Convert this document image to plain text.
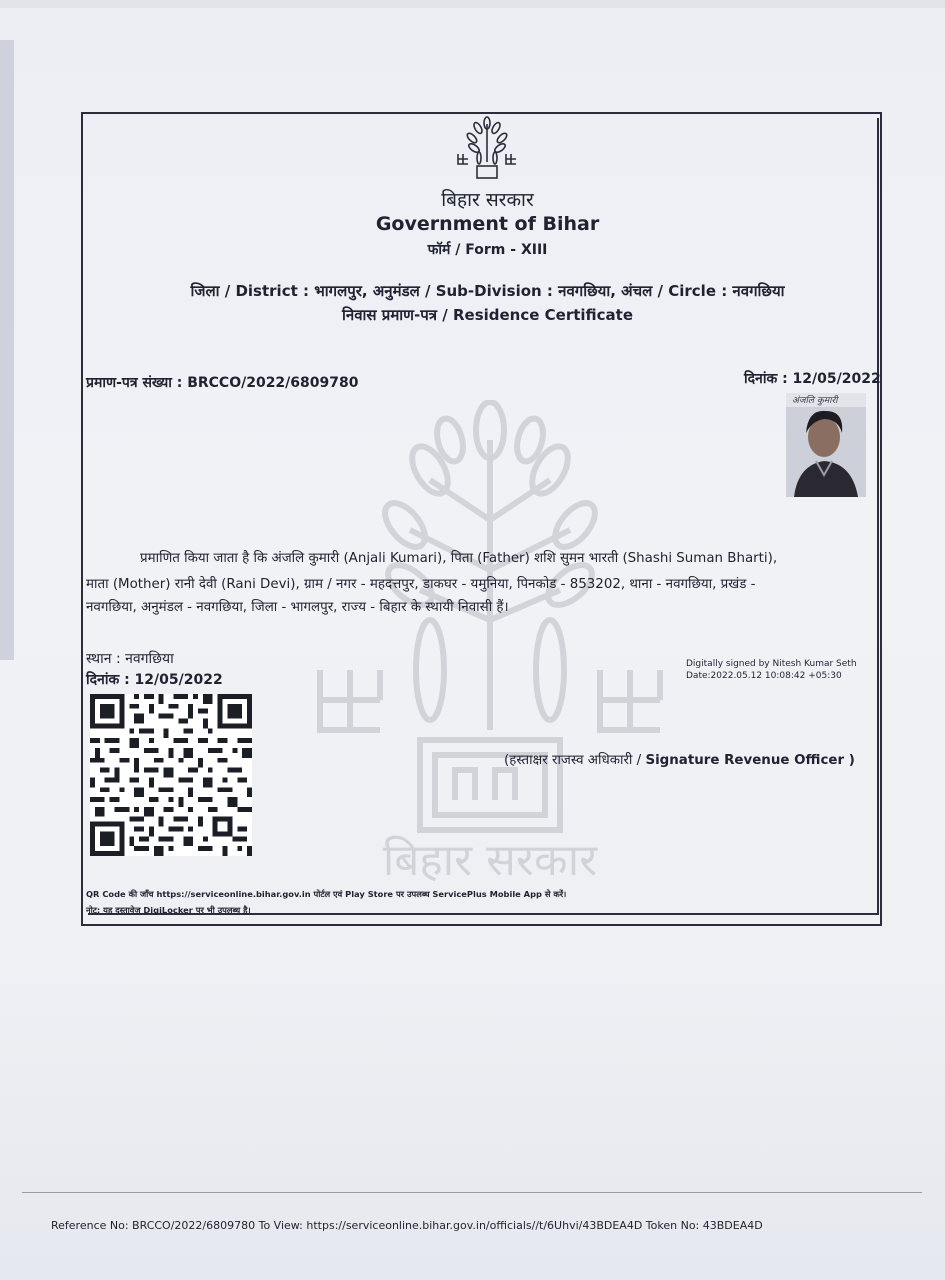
बिहार सरकार
बिहार सरकार
Government of Bihar
फॉर्म / Form - XIII
जिला / District : भागलपुर, अनुमंडल / Sub-Division : नवगछिया, अंचल / Circle : नवगछिया
निवास प्रमाण-पत्र / Residence Certificate
प्रमाण-पत्र संख्या : BRCCO/2022/6809780	दिनांक : 12/05/2022
अंजलि कुमारी
प्रमाणित किया जाता है कि अंजलि कुमारी (Anjali Kumari), पिता (Father) शशि सुमन भारती (Shashi Suman Bharti),
माता (Mother) रानी देवी (Rani Devi), ग्राम / नगर - महदत्तपुर, डाकघर - यमुनिया, पिनकोड - 853202, थाना - नवगछिया, प्रखंड -
नवगछिया, अनुमंडल - नवगछिया, जिला - भागलपुर, राज्य - बिहार के स्थायी निवासी हैं।
स्थान : नवगछिया
दिनांक : 12/05/2022
Digitally signed by Nitesh Kumar Seth
Date:2022.05.12 10:08:42 +05:30
(हस्ताक्षर राजस्व अधिकारी / Signature Revenue Officer )
QR Code की जाँच https://serviceonline.bihar.gov.in पोर्टल एवं Play Store पर उपलब्ध ServicePlus Mobile App से करें।
नोट: यह दस्तावेज DigiLocker पर भी उपलब्ध है।
Reference No: BRCCO/2022/6809780 To View: https://serviceonline.bihar.gov.in/officials//t/6Uhvi/43BDEA4D Token No: 43BDEA4D
